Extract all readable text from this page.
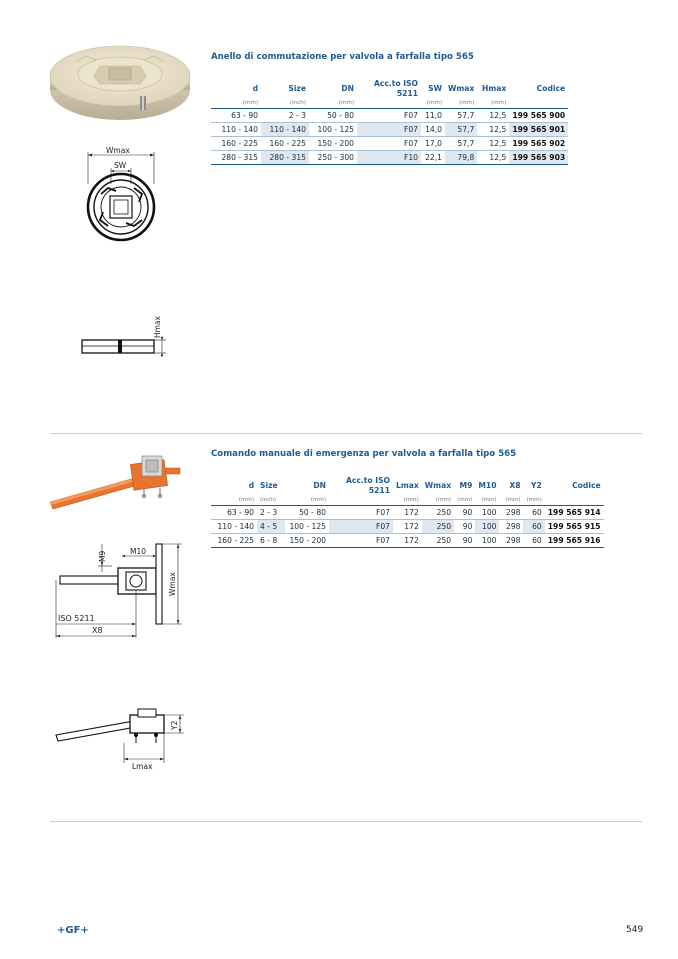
Anello di commutazione per valvola a farfalla tipo 565
d	Size	DN	Acc.to ISO 5211	SW	Wmax	Hmax	Codice
(mm)	(inch)	(mm)		(mm)	(mm)	(mm)	
63 - 90	2 - 3	50 - 80	F07	11,0	57,7	12,5	199 565 900
110 - 140	110 - 140	100 - 125	F07	14,0	57,7	12,5	199 565 901
160 - 225	160 - 225	150 - 200	F07	17,0	57,7	12,5	199 565 902
280 - 315	280 - 315	250 - 300	F10	22,1	79,8	12,5	199 565 903
Wmax
SW
Hmax
Comando manuale di emergenza per valvola a farfalla tipo 565
d	Size	DN	Acc.to ISO 5211	Lmax	Wmax	M9	M10	X8	Y2	Codice
(mm)	(inch)	(mm)		(mm)	(mm)	(mm)	(mm)	(mm)	(mm)	
63 - 90	2 - 3	50 - 80	F07	172	250	90	100	298	60	199 565 914
110 - 140	4 - 5	100 - 125	F07	172	250	90	100	298	60	199 565 915
160 - 225	6 - 8	150 - 200	F07	172	250	90	100	298	60	199 565 916
M9	M10
Wmax
ISO 5211
X8
Y2
Lmax
+GF+	549
